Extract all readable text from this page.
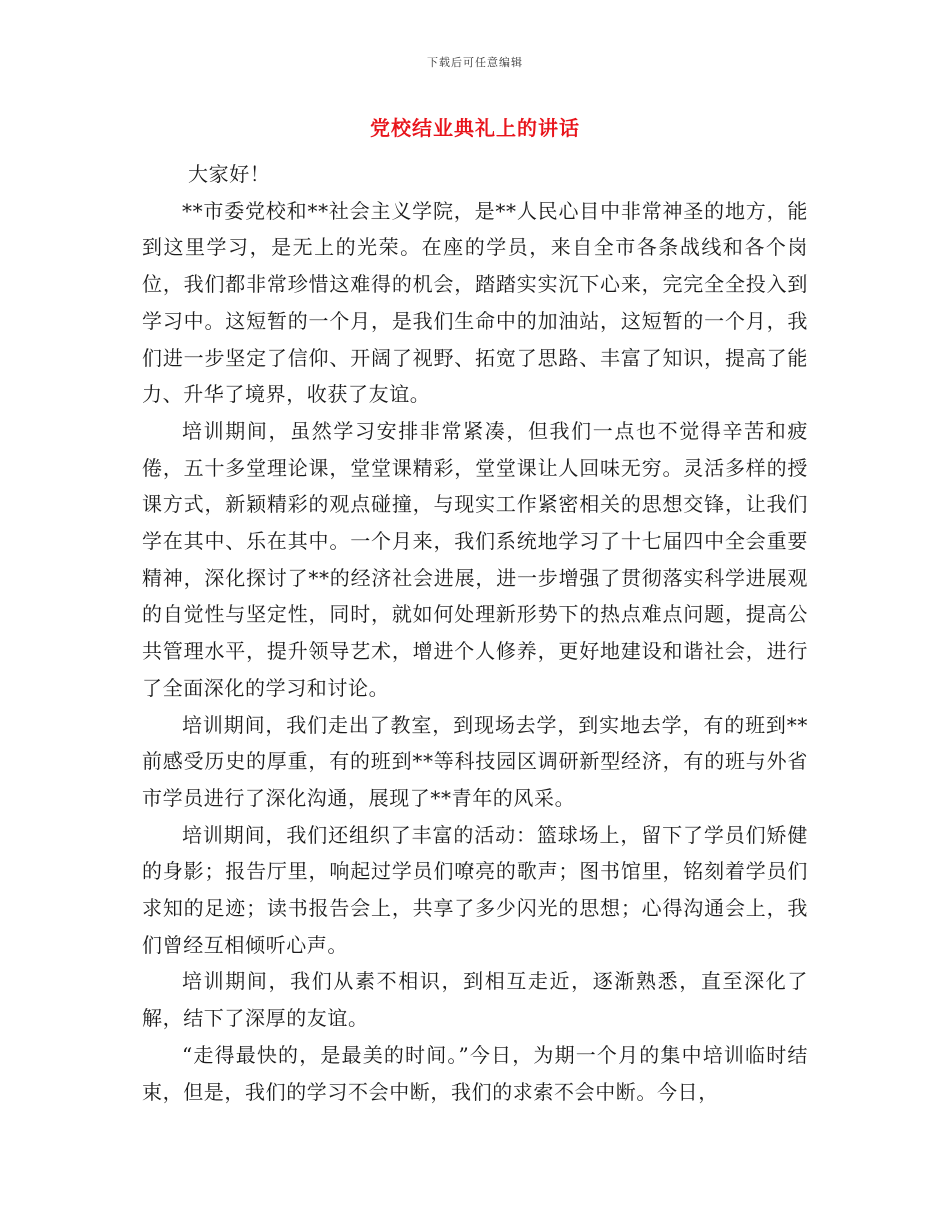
下载后可任意编辑
党校结业典礼上的讲话

大家好！

**市委党校和**社会主义学院，是**人民心目中非常神圣的地方，能到这里学习，是无上的光荣。在座的学员，来自全市各条战线和各个岗位，我们都非常珍惜这难得的机会，踏踏实实沉下心来，完完全全投入到学习中。这短暂的一个月，是我们生命中的加油站，这短暂的一个月，我们进一步坚定了信仰、开阔了视野、拓宽了思路、丰富了知识，提高了能力、升华了境界，收获了友谊。

培训期间，虽然学习安排非常紧凑，但我们一点也不觉得辛苦和疲倦，五十多堂理论课，堂堂课精彩，堂堂课让人回味无穷。灵活多样的授课方式，新颖精彩的观点碰撞，与现实工作紧密相关的思想交锋，让我们学在其中、乐在其中。一个月来，我们系统地学习了十七届四中全会重要精神，深化探讨了**的经济社会进展，进一步增强了贯彻落实科学进展观的自觉性与坚定性，同时，就如何处理新形势下的热点难点问题，提高公共管理水平，提升领导艺术，增进个人修养，更好地建设和谐社会，进行了全面深化的学习和讨论。

培训期间，我们走出了教室，到现场去学，到实地去学，有的班到**前感受历史的厚重，有的班到**等科技园区调研新型经济，有的班与外省市学员进行了深化沟通，展现了**青年的风采。

培训期间，我们还组织了丰富的活动：篮球场上，留下了学员们矫健的身影；报告厅里，响起过学员们嘹亮的歌声；图书馆里，铭刻着学员们求知的足迹；读书报告会上，共享了多少闪光的思想；心得沟通会上，我们曾经互相倾听心声。

培训期间，我们从素不相识，到相互走近，逐渐熟悉，直至深化了解，结下了深厚的友谊。

“走得最快的，是最美的时间。”今日，为期一个月的集中培训临时结束，但是，我们的学习不会中断，我们的求索不会中断。今日，
